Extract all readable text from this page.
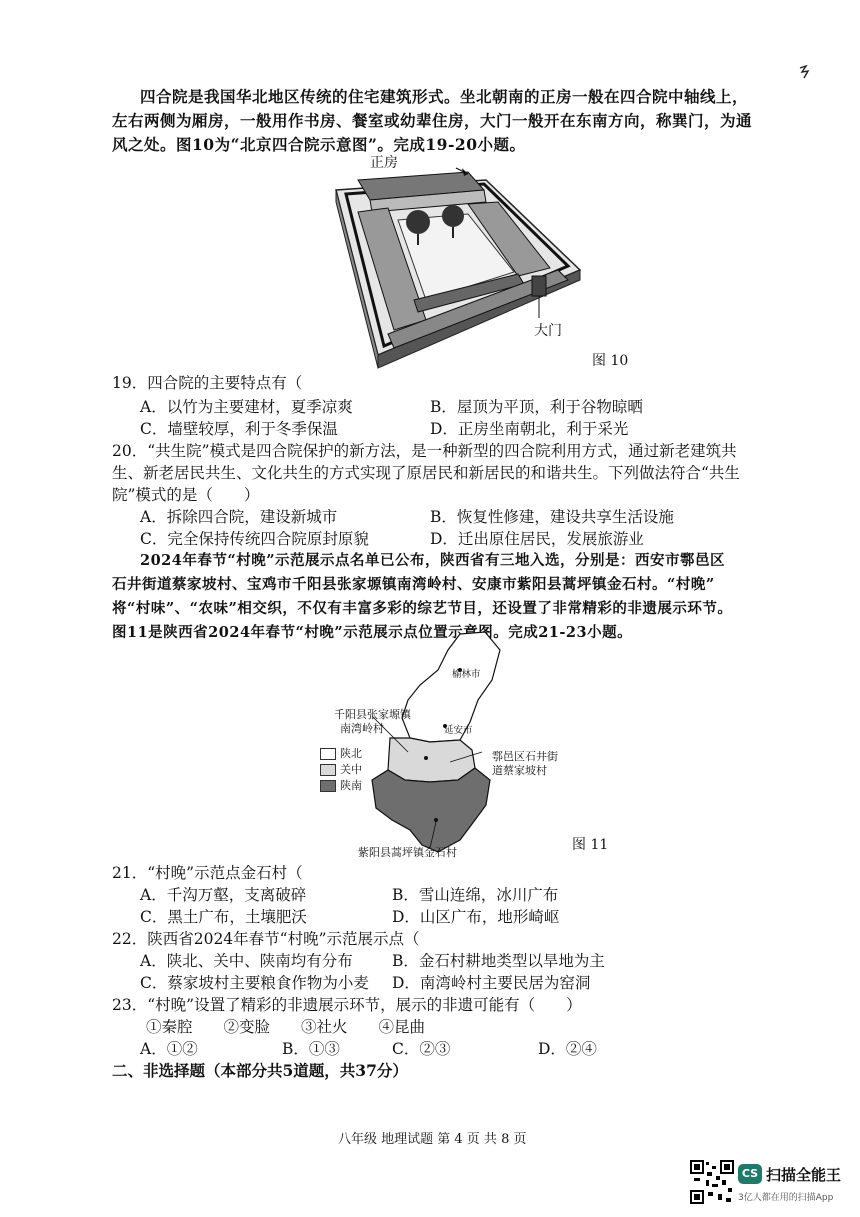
四合院是我国华北地区传统的住宅建筑形式。坐北朝南的正房一般在四合院中轴线上，
左右两侧为厢房，一般用作书房、餐室或幼辈住房，大门一般开在东南方向，称巽门，为通
风之处。图10为“北京四合院示意图”。完成19-20小题。
正房
大门
图 10
19．四合院的主要特点有（
A．以竹为主要建材，夏季凉爽	B．屋顶为平顶，利于谷物晾晒
C．墙壁较厚，利于冬季保温	D．正房坐南朝北，利于采光
20．“共生院”模式是四合院保护的新方法，是一种新型的四合院利用方式，通过新老建筑共
生、新老居民共生、文化共生的方式实现了原居民和新居民的和谐共生。下列做法符合“共生
院”模式的是（　　）
A．拆除四合院，建设新城市	B．恢复性修建，建设共享生活设施
C．完全保持传统四合院原封原貌	D．迁出原住居民，发展旅游业
2024年春节“村晚”示范展示点名单已公布，陕西省有三地入选，分别是：西安市鄠邑区
石井街道蔡家坡村、宝鸡市千阳县张家塬镇南湾岭村、安康市紫阳县蒿坪镇金石村。“村晚”
将“村味”、“农味”相交织，不仅有丰富多彩的综艺节目，还设置了非常精彩的非遗展示环节。
图11是陕西省2024年春节“村晚”示范展示点位置示意图。完成21-23小题。
榆林市
延安市
千阳县张家塬镇
南湾岭村
鄠邑区石井街
道蔡家坡村
紫阳县蒿坪镇金石村
陕北
关中
陕南
图 11
21．“村晚”示范点金石村（
A．千沟万壑，支离破碎	B．雪山连绵，冰川广布
C．黑土广布，土壤肥沃	D．山区广布，地形崎岖
22．陕西省2024年春节“村晚”示范展示点（
A．陕北、关中、陕南均有分布	B．金石村耕地类型以旱地为主
C．蔡家坡村主要粮食作物为小麦 D．南湾岭村主要民居为窑洞
23．“村晚”设置了精彩的非遗展示环节，展示的非遗可能有（　　）
①秦腔　　②变脸　　③社火　　④昆曲
A．①②	B．①③	C．②③	D．②④
二、非选择题（本部分共5道题，共37分）
八年级 地理试题 第 4 页 共 8 页
CS 扫描全能王
3亿人都在用的扫描App
